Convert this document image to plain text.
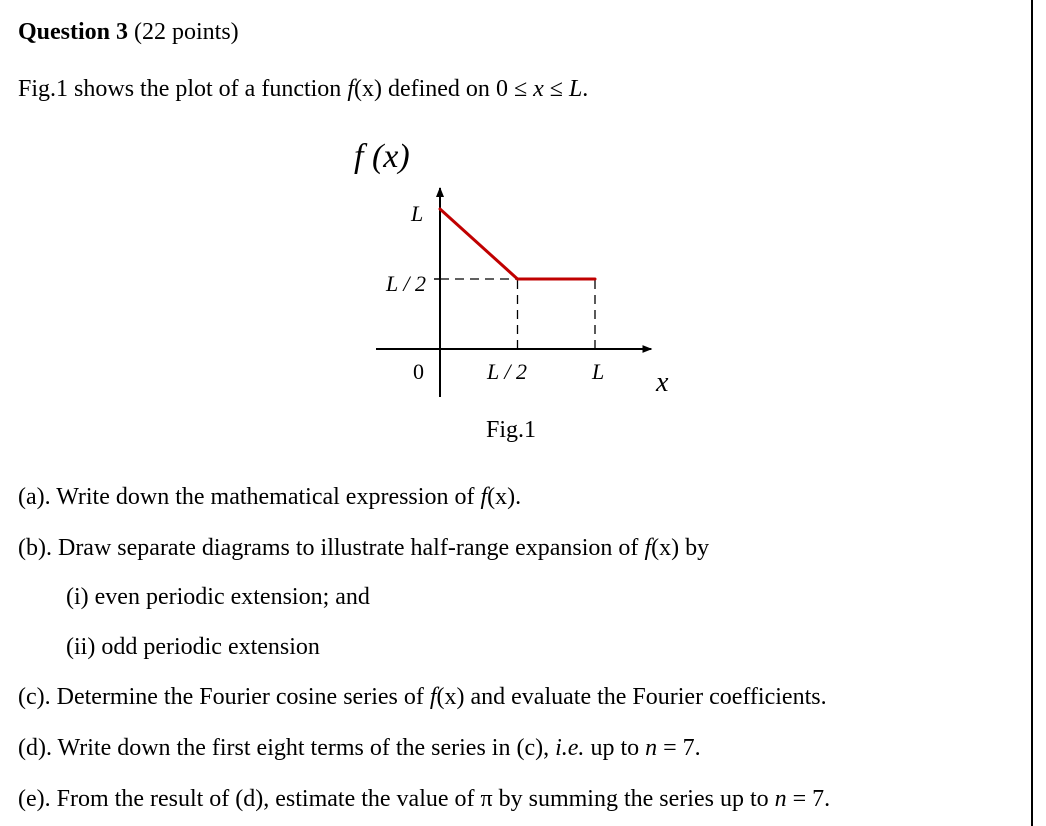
Question 3 (22 points)
Fig.1 shows the plot of a function f(x) defined on 0 ≤ x ≤ L.
f (x)
x
L
L / 2
0	L / 2	L
Fig.1
(a). Write down the mathematical expression of f(x).
(b). Draw separate diagrams to illustrate half-range expansion of f(x) by
(i) even periodic extension; and
(ii) odd periodic extension
(c). Determine the Fourier cosine series of f(x) and evaluate the Fourier coefficients.
(d). Write down the first eight terms of the series in (c), i.e. up to n = 7.
(e). From the result of (d), estimate the value of π by summing the series up to n = 7.
